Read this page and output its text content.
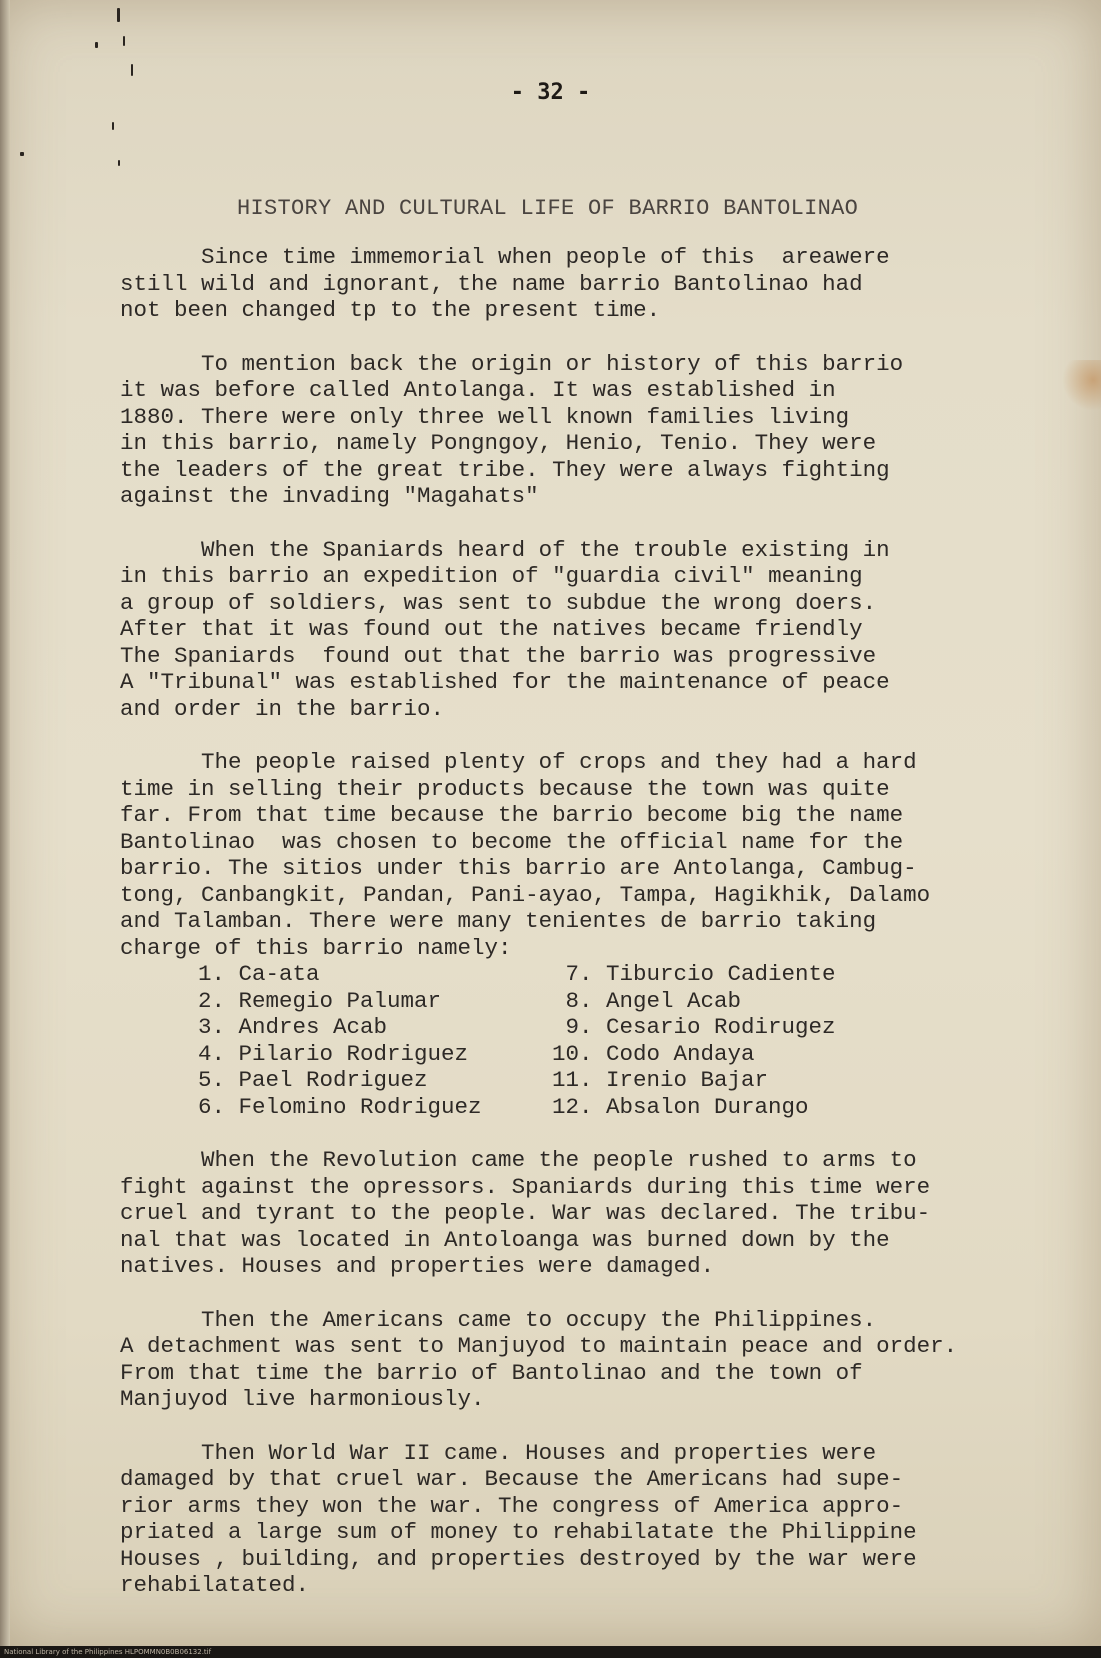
- 32 -
HISTORY AND CULTURAL LIFE OF BARRIO BANTOLINAO
Since time immemorial when people of this  areawere
still wild and ignorant, the name barrio Bantolinao had
not been changed tp to the present time.
To mention back the origin or history of this barrio
it was before called Antolanga. It was established in
1880. There were only three well known families living
in this barrio, namely Pongngoy, Henio, Tenio. They were
the leaders of the great tribe. They were always fighting
against the invading "Magahats"
When the Spaniards heard of the trouble existing in
in this barrio an expedition of "guardia civil" meaning
a group of soldiers, was sent to subdue the wrong doers.
After that it was found out the natives became friendly
The Spaniards  found out that the barrio was progressive
A "Tribunal" was established for the maintenance of peace
and order in the barrio.
The people raised plenty of crops and they had a hard
time in selling their products because the town was quite
far. From that time because the barrio become big the name
Bantolinao  was chosen to become the official name for the
barrio. The sitios under this barrio are Antolanga, Cambug-
tong, Canbangkit, Pandan, Pani-ayao, Tampa, Hagikhik, Dalamo
and Talamban. There were many tenientes de barrio taking
charge of this barrio namely:
1. Ca-ata	7. Tiburcio Cadiente
2. Remegio Palumar	8. Angel Acab
3. Andres Acab	9. Cesario Rodirugez
4. Pilario Rodriguez	10. Codo Andaya
5. Pael Rodriguez	11. Irenio Bajar
6. Felomino Rodriguez	12. Absalon Durango
When the Revolution came the people rushed to arms to
fight against the opressors. Spaniards during this time were
cruel and tyrant to the people. War was declared. The tribu-
nal that was located in Antoloanga was burned down by the
natives. Houses and properties were damaged.
Then the Americans came to occupy the Philippines.
A detachment was sent to Manjuyod to maintain peace and order.
From that time the barrio of Bantolinao and the town of
Manjuyod live harmoniously.
Then World War II came. Houses and properties were
damaged by that cruel war. Because the Americans had supe-
rior arms they won the war. The congress of America appro-
priated a large sum of money to rehabilatate the Philippine
Houses , building, and properties destroyed by the war were
rehabilatated.
National Library of the Philippines HLPOMMN0B0B06132.tif
